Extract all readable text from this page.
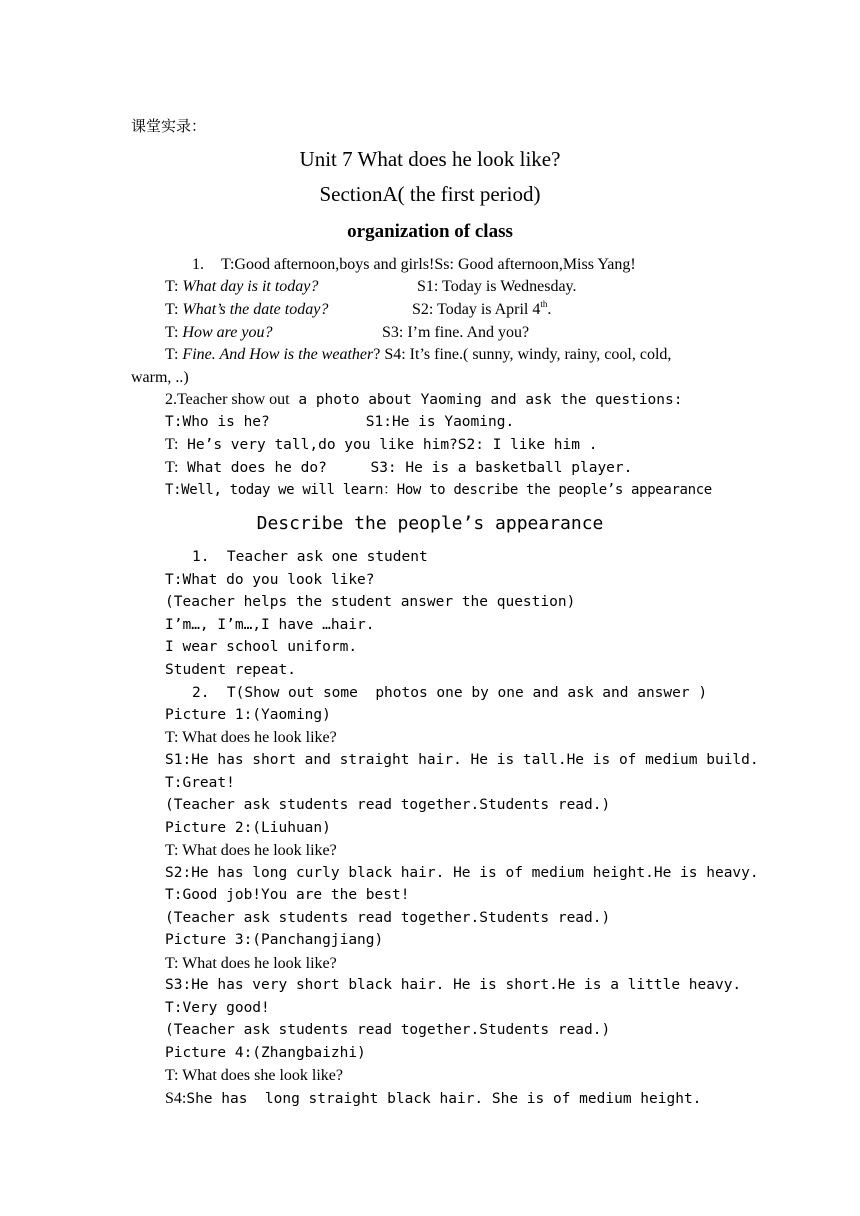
课堂实录：
Unit 7 What does he look like?
SectionA( the first period)
organization of class
1. T:Good afternoon,boys and girls!Ss: Good afternoon,Miss Yang!
T: What day is it today?	S1: Today is Wednesday.
T: What’s the date today?	S2: Today is April 4th.
T: How are you?	S3: I’m fine. And you?
T: Fine. And How is the weather? S4: It’s fine.( sunny, windy, rainy, cool, cold,
warm, ..)
2.Teacher show out a photo about Yaoming and ask the questions:
T:Who is he?           S1:He is Yaoming.
T: He’s very tall,do you like him?S2: I like him .
T: What does he do?     S3: He is a basketball player.
T:Well, today we will learn：How to describe the people’s appearance
Describe the people’s appearance
1.  Teacher ask one student
T:What do you look like?
(Teacher helps the student answer the question)
I’m…, I’m…,I have …hair.
I wear school uniform.
Student repeat.
2.  T(Show out some  photos one by one and ask and answer )
Picture 1:(Yaoming)
T: What does he look like?
S1:He has short and straight hair. He is tall.He is of medium build.
T:Great!
(Teacher ask students read together.Students read.)
Picture 2:(Liuhuan)
T: What does he look like?
S2:He has long curly black hair. He is of medium height.He is heavy.
T:Good job!You are the best!
(Teacher ask students read together.Students read.)
Picture 3:(Panchangjiang)
T: What does he look like?
S3:He has very short black hair. He is short.He is a little heavy.
T:Very good!
(Teacher ask students read together.Students read.)
Picture 4:(Zhangbaizhi)
T: What does she look like?
S4:She has  long straight black hair. She is of medium height.
